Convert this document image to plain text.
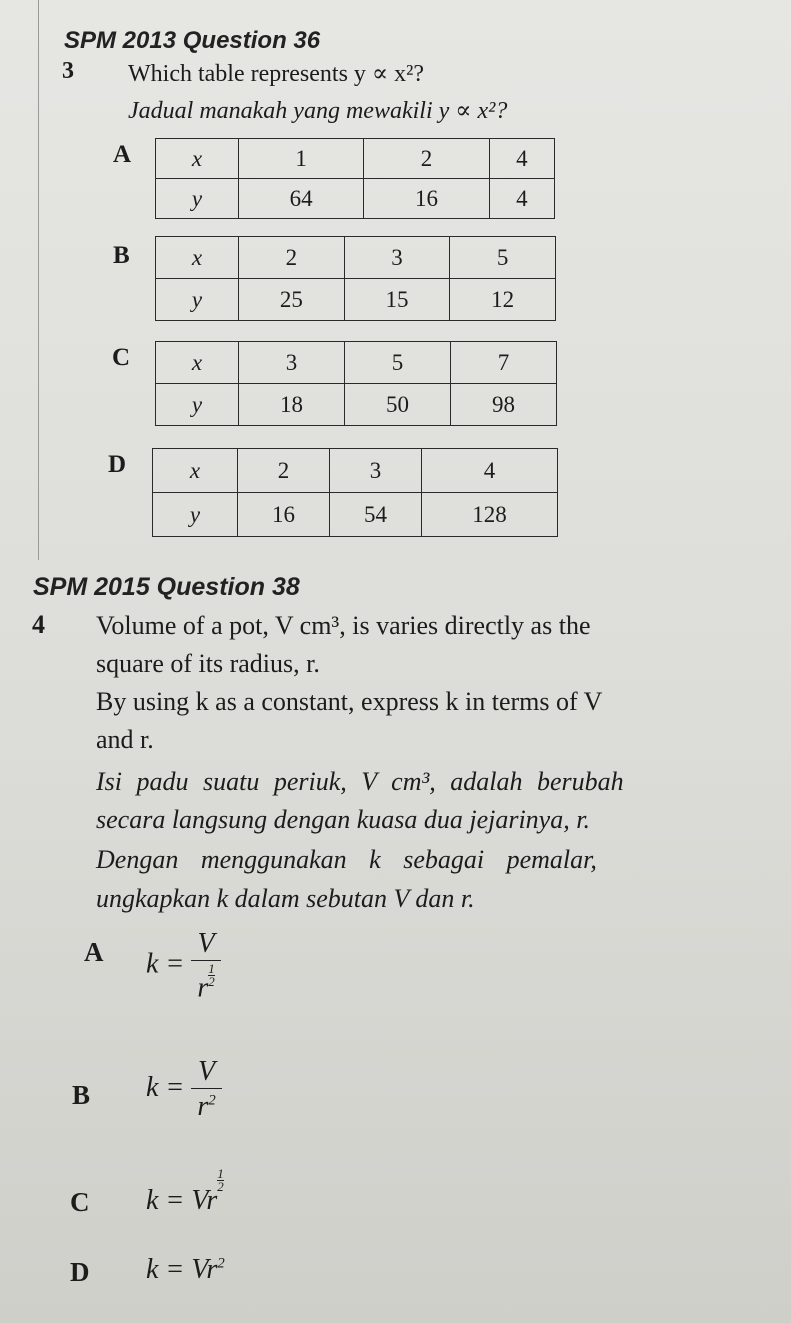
SPM 2013 Question 36
3 Which table represents y ∝ x²?
Jadual manakah yang mewakili y ∝ x²?
A	x	1	2	4
y	64	16	4
B	x	2	3	5
y	25	15	12
C	x	3	5	7
y	18	50	98
D	x	2	3	4
y	16	54	128
SPM 2015 Question 38
4 Volume of a pot, V cm³, is varies directly as the
square of its radius, r.
By using k as a constant, express k in terms of V
and r.
Isi padu suatu periuk, V cm³, adalah berubah
secara langsung dengan kuasa dua jejarinya, r.
Dengan menggunakan k sebagai pemalar,
ungkapkan k dalam sebutan V dan r.
A $k = \frac{V}{r \frac{1}{2}}$
B $k = \frac{V}{r^2}$
C k = Vr
$\frac{1}{2}$
D $k = Vr^2$
